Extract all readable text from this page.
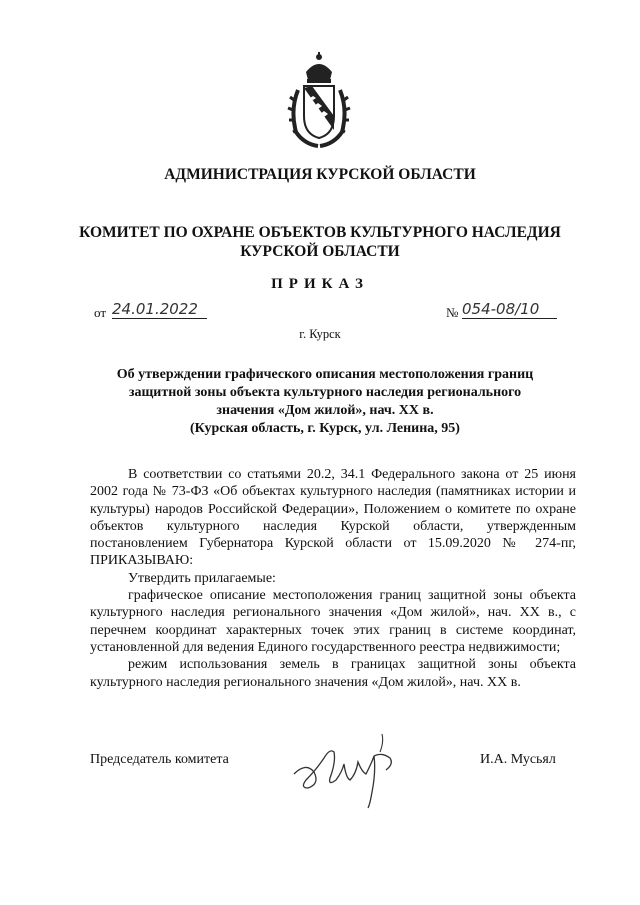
АДМИНИСТРАЦИЯ КУРСКОЙ ОБЛАСТИ
КОМИТЕТ ПО ОХРАНЕ ОБЪЕКТОВ КУЛЬТУРНОГО НАСЛЕДИЯ
КУРСКОЙ ОБЛАСТИ
ПРИКАЗ
от 24.01.2022	№ 054-08/10
г. Курск
Об утверждении графического описания местоположения границ
защитной зоны объекта культурного наследия регионального
значения «Дом жилой», нач. XX в.
(Курская область, г. Курск, ул. Ленина, 95)

В соответствии со статьями 20.2, 34.1 Федерального закона от 25 июня 2002 года № 73-ФЗ «Об объектах культурного наследия (памятниках истории и культуры) народов Российской Федерации», Положением о комитете по охране объектов культурного наследия Курской области, утвержденным постановлением Губернатора Курской области от 15.09.2020 № 274-пг, ПРИКАЗЫВАЮ:

Утвердить прилагаемые:

графическое описание местоположения границ защитной зоны объекта культурного наследия регионального значения «Дом жилой», нач. XX в., с перечнем координат характерных точек этих границ в системе координат, установленной для ведения Единого государственного реестра недвижимости;

режим использования земель в границах защитной зоны объекта культурного наследия регионального значения «Дом жилой», нач. XX в.

Председатель комитета	И.А. Мусьял
